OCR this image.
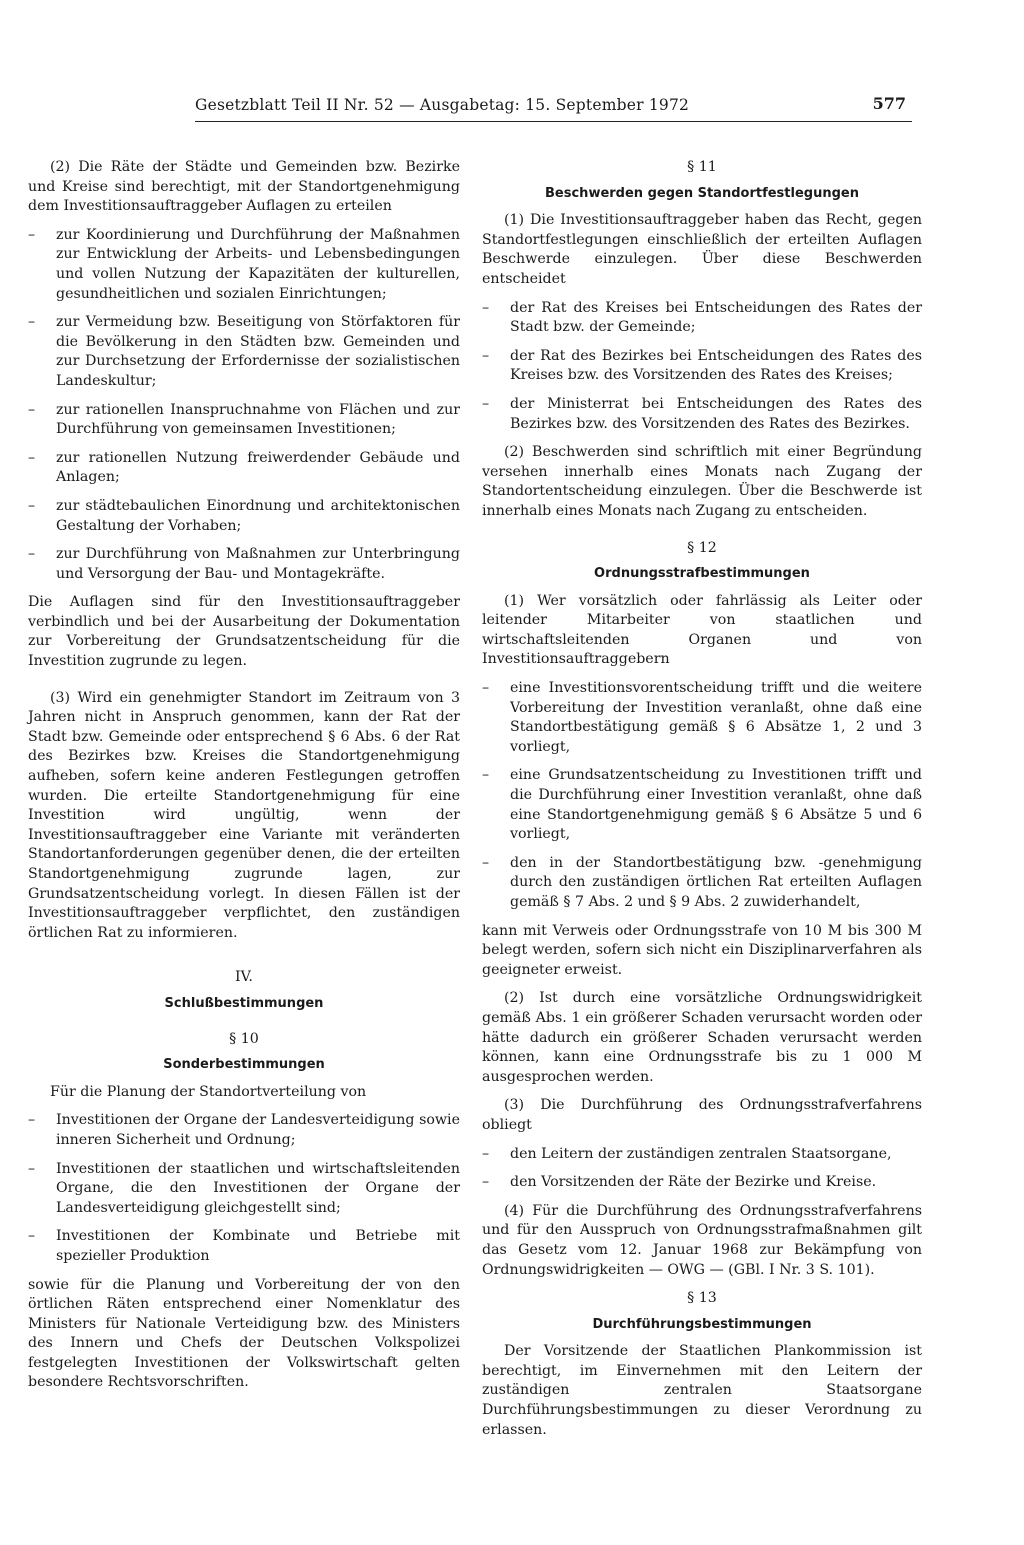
Gesetzblatt Teil II Nr. 52 — Ausgabetag: 15. September 1972	577

(2) Die Räte der Städte und Gemeinden bzw. Bezirke und Kreise sind berechtigt, mit der Standortgenehmigung dem Investitionsauftraggeber Auflagen zu erteilen

– zur Koordinierung und Durchführung der Maßnahmen zur Entwicklung der Arbeits- und Lebensbedingungen und vollen Nutzung der Kapazitäten der kulturellen, gesundheitlichen und sozialen Einrichtungen;

– zur Vermeidung bzw. Beseitigung von Störfaktoren für die Bevölkerung in den Städten bzw. Gemeinden und zur Durchsetzung der Erfordernisse der sozialistischen Landeskultur;

– zur rationellen Inanspruchnahme von Flächen und zur Durchführung von gemeinsamen Investitionen;

– zur rationellen Nutzung freiwerdender Gebäude und Anlagen;

– zur städtebaulichen Einordnung und architektonischen Gestaltung der Vorhaben;

– zur Durchführung von Maßnahmen zur Unterbringung und Versorgung der Bau- und Montagekräfte.

Die Auflagen sind für den Investitionsauftraggeber verbindlich und bei der Ausarbeitung der Dokumentation zur Vorbereitung der Grundsatzentscheidung für die Investition zugrunde zu legen.

(3) Wird ein genehmigter Standort im Zeitraum von 3 Jahren nicht in Anspruch genommen, kann der Rat der Stadt bzw. Gemeinde oder entsprechend § 6 Abs. 6 der Rat des Bezirkes bzw. Kreises die Standortgenehmigung aufheben, sofern keine anderen Festlegungen getroffen wurden. Die erteilte Standortgenehmigung für eine Investition wird ungültig, wenn der Investitionsauftraggeber eine Variante mit veränderten Standortanforderungen gegenüber denen, die der erteilten Standortgenehmigung zugrunde lagen, zur Grundsatzentscheidung vorlegt. In diesen Fällen ist der Investitionsauftraggeber verpflichtet, den zuständigen örtlichen Rat zu informieren.

IV.

Schlußbestimmungen

§ 10

Sonderbestimmungen

Für die Planung der Standortverteilung von

– Investitionen der Organe der Landesverteidigung sowie inneren Sicherheit und Ordnung;

– Investitionen der staatlichen und wirtschaftsleitenden Organe, die den Investitionen der Organe der Landesverteidigung gleichgestellt sind;

– Investitionen der Kombinate und Betriebe mit spezieller Produktion

sowie für die Planung und Vorbereitung der von den örtlichen Räten entsprechend einer Nomenklatur des Ministers für Nationale Verteidigung bzw. des Ministers des Innern und Chefs der Deutschen Volkspolizei festgelegten Investitionen der Volkswirtschaft gelten besondere Rechtsvorschriften.

§ 11

Beschwerden gegen Standortfestlegungen

(1) Die Investitionsauftraggeber haben das Recht, gegen Standortfestlegungen einschließlich der erteilten Auflagen Beschwerde einzulegen. Über diese Beschwerden entscheidet

– der Rat des Kreises bei Entscheidungen des Rates der Stadt bzw. der Gemeinde;

– der Rat des Bezirkes bei Entscheidungen des Rates des Kreises bzw. des Vorsitzenden des Rates des Kreises;

– der Ministerrat bei Entscheidungen des Rates des Bezirkes bzw. des Vorsitzenden des Rates des Bezirkes.

(2) Beschwerden sind schriftlich mit einer Begründung versehen innerhalb eines Monats nach Zugang der Standortentscheidung einzulegen. Über die Beschwerde ist innerhalb eines Monats nach Zugang zu entscheiden.

§ 12

Ordnungsstrafbestimmungen

(1) Wer vorsätzlich oder fahrlässig als Leiter oder leitender Mitarbeiter von staatlichen und wirtschaftsleitenden Organen und von Investitionsauftraggebern

– eine Investitionsvorentscheidung trifft und die weitere Vorbereitung der Investition veranlaßt, ohne daß eine Standortbestätigung gemäß § 6 Absätze 1, 2 und 3 vorliegt,

– eine Grundsatzentscheidung zu Investitionen trifft und die Durchführung einer Investition veranlaßt, ohne daß eine Standortgenehmigung gemäß § 6 Absätze 5 und 6 vorliegt,

– den in der Standortbestätigung bzw. -genehmigung durch den zuständigen örtlichen Rat erteilten Auflagen gemäß § 7 Abs. 2 und § 9 Abs. 2 zuwiderhandelt,

kann mit Verweis oder Ordnungsstrafe von 10 M bis 300 M belegt werden, sofern sich nicht ein Disziplinarverfahren als geeigneter erweist.

(2) Ist durch eine vorsätzliche Ordnungswidrigkeit gemäß Abs. 1 ein größerer Schaden verursacht worden oder hätte dadurch ein größerer Schaden verursacht werden können, kann eine Ordnungsstrafe bis zu 1 000 M ausgesprochen werden.

(3) Die Durchführung des Ordnungsstrafverfahrens obliegt

– den Leitern der zuständigen zentralen Staatsorgane,

– den Vorsitzenden der Räte der Bezirke und Kreise.

(4) Für die Durchführung des Ordnungsstrafverfahrens und für den Ausspruch von Ordnungsstrafmaßnahmen gilt das Gesetz vom 12. Januar 1968 zur Bekämpfung von Ordnungswidrigkeiten — OWG — (GBl. I Nr. 3 S. 101).

§ 13

Durchführungsbestimmungen

Der Vorsitzende der Staatlichen Plankommission ist berechtigt, im Einvernehmen mit den Leitern der zuständigen zentralen Staatsorgane Durchführungsbestimmungen zu dieser Verordnung zu erlassen.
